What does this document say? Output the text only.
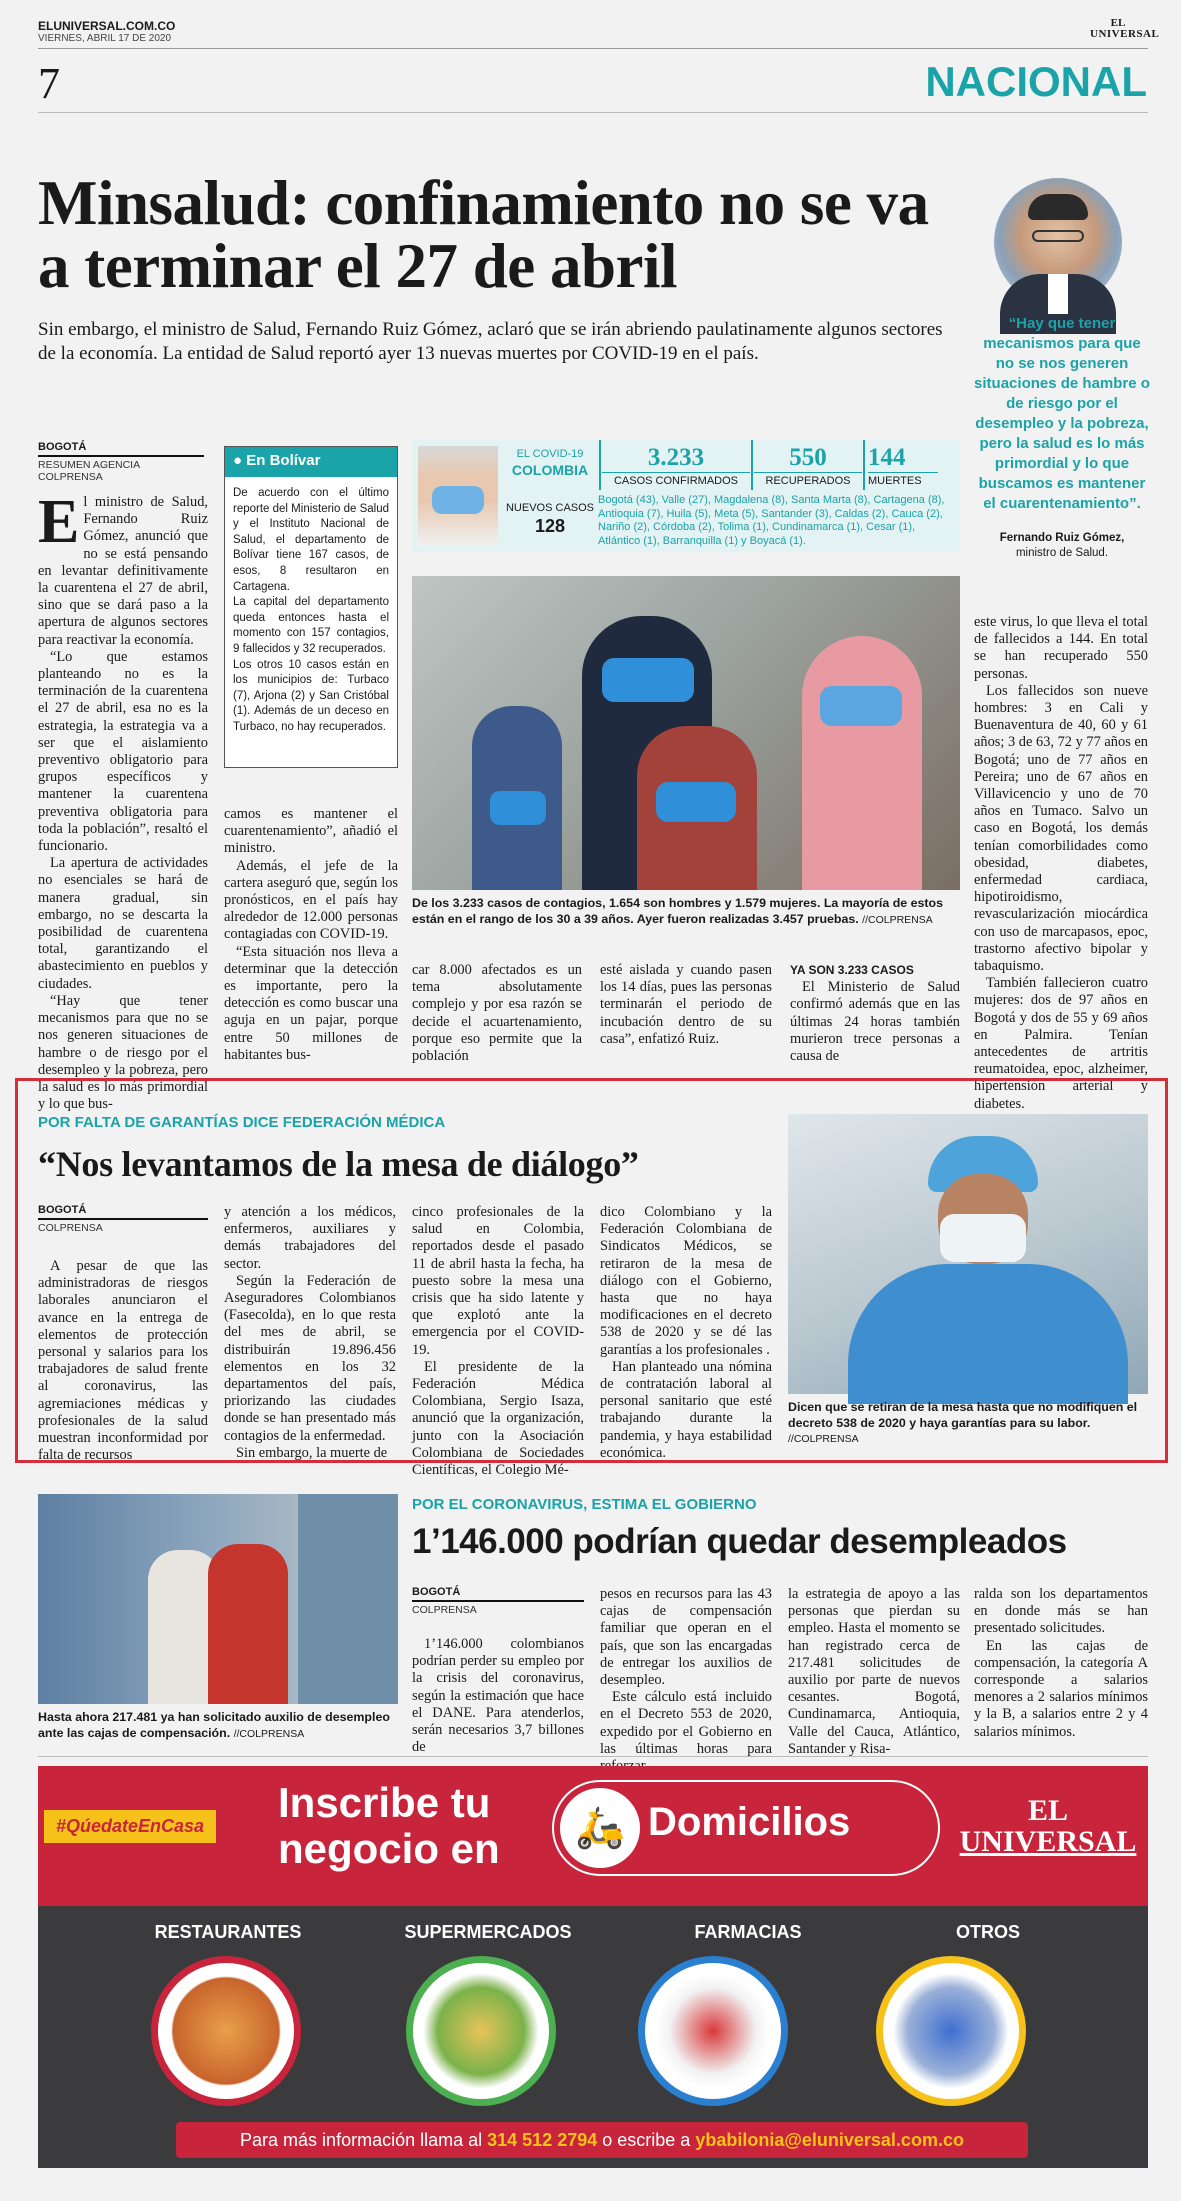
ELUNIVERSAL.COM.CO
VIERNES, ABRIL 17 DE 2020
EL
UNIVERSAL
7	NACIONAL
Minsalud: confinamiento no se va a terminar el 27 de abril
Sin embargo, el ministro de Salud, Fernando Ruiz Gómez, aclaró que se irán abriendo paulatinamente algunos sectores de la economía. La entidad de Salud reportó ayer 13 nuevas muertes por COVID-19 en el país.
“Hay que tener mecanismos para que no se nos generen situaciones de hambre o de riesgo por el desempleo y la pobreza, pero la salud es lo más primordial y lo que buscamos es mantener el cuarentenamiento”.
Fernando Ruiz Gómez,
ministro de Salud.
BOGOTÁ
RESUMEN AGENCIA COLPRENSA
E l ministro de Salud, Fernando Ruiz Gómez, anunció que no se está pensando en levantar definitivamente la cuarentena el 27 de abril, sino que se dará paso a la apertura de algunos sectores para reactivar la economía.

“Lo que estamos planteando no es la terminación de la cuarentena el 27 de abril, esa no es la estrategia, la estrategia va a ser que el aislamiento preventivo obligatorio para grupos específicos y mantener la cuarentena preventiva obligatoria para toda la población”, resaltó el funcionario.

La apertura de actividades no esenciales se hará de manera gradual, sin embargo, no se descarta la posibilidad de cuarentena total, garantizando el abastecimiento en pueblos y ciudades.

“Hay que tener mecanismos para que no se nos generen situaciones de hambre o de riesgo por el desempleo y la pobreza, pero la salud es lo más primordial y lo que bus-

● En Bolívar
De acuerdo con el último reporte del Ministerio de Salud y el Instituto Nacional de Salud, el departamento de Bolívar tiene 167 casos, de esos, 8 resultaron en Cartagena.
La capital del departamento queda entonces hasta el momento con 157 contagios, 9 fallecidos y 32 recuperados.
Los otros 10 casos están en los municipios de: Turbaco (7), Arjona (2) y San Cristóbal (1). Además de un deceso en Turbaco, no hay recuperados.
EL COVID-19
COLOMBIA
NUEVOS CASOS
128
3.233
CASOS CONFIRMADOS
550
RECUPERADOS
144
MUERTES
Bogotá (43), Valle (27), Magdalena (8), Santa Marta (8), Cartagena (8), Antioquia (7), Huila (5), Meta (5), Santander (3), Caldas (2), Cauca (2), Nariño (2), Córdoba (2), Tolima (1), Cundinamarca (1), Cesar (1), Atlántico (1), Barranquilla (1) y Boyacá (1).
De los 3.233 casos de contagios, 1.654 son hombres y 1.579 mujeres. La mayoría de estos están en el rango de los 30 a 39 años. Ayer fueron realizadas 3.457 pruebas. //COLPRENSA

camos es mantener el cuarentenamiento”, añadió el ministro.

Además, el jefe de la cartera aseguró que, según los pronósticos, en el país hay alrededor de 12.000 personas contagiadas con COVID-19.

“Esta situación nos lleva a determinar que la detección es importante, pero la detección es como buscar una aguja en un pajar, porque entre 50 millones de habitantes bus-

car 8.000 afectados es un tema absolutamente complejo y por esa razón se decide el acuartenamiento, porque eso permite que la población

esté aislada y cuando pasen los 14 días, pues las personas terminarán el periodo de incubación dentro de su casa”, enfatizó Ruiz.

YA SON 3.233 CASOS

El Ministerio de Salud confirmó además que en las últimas 24 horas también murieron trece personas a causa de

este virus, lo que lleva el total de fallecidos a 144. En total se han recuperado 550 personas.

Los fallecidos son nueve hombres: 3 en Cali y Buenaventura de 40, 60 y 61 años; 3 de 63, 72 y 77 años en Bogotá; uno de 77 años en Pereira; uno de 67 años en Villavicencio y uno de 70 años en Tumaco. Salvo un caso en Bogotá, los demás tenían comorbilidades como obesidad, diabetes, enfermedad cardiaca, hipotiroidismo, revascularización miocárdica con uso de marcapasos, epoc, trastorno afectivo bipolar y tabaquismo.

También fallecieron cuatro mujeres: dos de 97 años en Bogotá y dos de 55 y 69 años en Palmira. Tenían antecedentes de artritis reumatoidea, epoc, alzheimer, hipertensión arterial y diabetes.

POR FALTA DE GARANTÍAS DICE FEDERACIÓN MÉDICA
“Nos levantamos de la mesa de diálogo”
BOGOTÁ
COLPRENSA

A pesar de que las administradoras de riesgos laborales anunciaron el avance en la entrega de elementos de protección personal y salarios para los trabajadores de salud frente al coronavirus, las agremiaciones médicas y profesionales de la salud muestran inconformidad por falta de recursos

y atención a los médicos, enfermeros, auxiliares y demás trabajadores del sector.

Según la Federación de Aseguradores Colombianos (Fasecolda), en lo que resta del mes de abril, se distribuirán 19.896.456 elementos en los 32 departamentos del país, priorizando las ciudades donde se han presentado más contagios de la enfermedad.

Sin embargo, la muerte de

cinco profesionales de la salud en Colombia, reportados desde el pasado 11 de abril hasta la fecha, ha puesto sobre la mesa una crisis que ha sido latente y que explotó ante la emergencia por el COVID-19.

El presidente de la Federación Médica Colombiana, Sergio Isaza, anunció que la organización, junto con la Asociación Colombiana de Sociedades Científicas, el Colegio Mé-

dico Colombiano y la Federación Colombiana de Sindicatos Médicos, se retiraron de la mesa de diálogo con el Gobierno, hasta que no haya modificaciones en el decreto 538 de 2020 y se dé las garantías a los profesionales .

Han planteado una nómina de contratación laboral al personal sanitario que esté trabajando durante la pandemia, y haya estabilidad económica.

Dicen que se retiran de la mesa hasta que no modifiquen el decreto 538 de 2020 y haya garantías para su labor. //COLPRENSA
Hasta ahora 217.481 ya han solicitado auxilio de desempleo ante las cajas de compensación. //COLPRENSA
POR EL CORONAVIRUS, ESTIMA EL GOBIERNO
1’146.000 podrían quedar desempleados
BOGOTÁ
COLPRENSA

1’146.000 colombianos podrían perder su empleo por la crisis del coronavirus, según la estimación que hace el DANE. Para atenderlos, serán necesarios 3,7 billones de

pesos en recursos para las 43 cajas de compensación familiar que operan en el país, que son las encargadas de entregar los auxilios de desempleo.

Este cálculo está incluido en el Decreto 553 de 2020, expedido por el Gobierno en las últimas horas para

la estrategia de apoyo a las personas que pierdan su empleo. Hasta el momento se han registrado cerca de 217.481 solicitudes de auxilio por parte de nuevos cesantes. Bogotá, Cundinamarca, Antioquia, Valle del Cauca, Atlántico, Santander y Risa-

ralda son los departamentos en donde más se han presentado solicitudes.

En las cajas de compensación, la categoría A corresponde a salarios menores a 2 salarios mínimos y la B, a salarios entre 2 y 4 salarios mínimos.

#QúedateEnCasa Inscribe tu
negocio en	🛵 Domicilios	EL
UNIVERSAL
RESTAURANTES	SUPERMERCADOS	FARMACIAS	OTROS
Para más información llama al 314 512 2794 o escribe a ybabilonia@eluniversal.com.co
